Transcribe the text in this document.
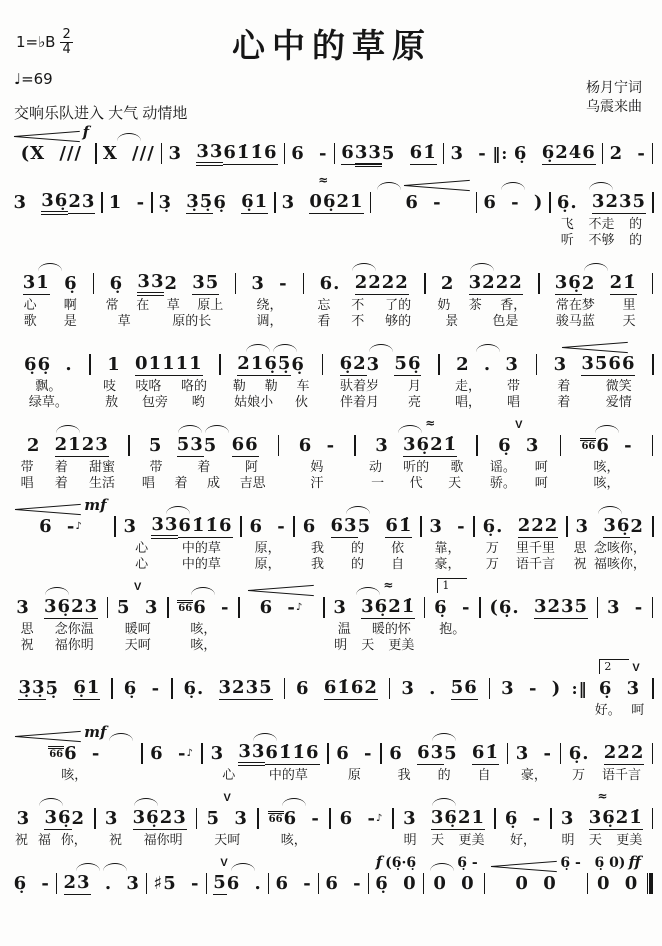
心中的草原
1=♭B $\frac{2}{4}$
♩=69
交响乐队进入 大气 动情地
杨月宁词
乌震来曲
f
(X ///	X /// 3 33 61̇1̇6 6 - 633 5 61̇ 3 - ‖: 6̣ 6̣2 46 2 -
3 36̣ 23 1 - 3̣ 3̣5̣ 6̣ 6̣1
≈
3 06̣ 21	6 -	6 - ) 6̣. 32 35
飞 不走 的
听 不够 的
31 6̣
心 啊
歌 是
6̣ 33 2 35
常 在 草 原上
草	原的长
3 -
绕，
调，
6. 22 22
忘 不 了的
看 不 够的
2 32 22
奶 茶 香，
景	色是
36̣ 2 21̇
常在梦 里
骏马蓝 天
6̣6̣ .
飘。
绿草。
1 011 11
吱 吱咯 咯的
敖 包旁 哟
21 6̣5̣ 6̣
勒 勒 车
姑娘小 伙
6̣2 3 56̣
驮着岁 月
伴着月 亮
2 . 3
走， 带
唱， 唱
3 35 66
着	微笑
着	爱情
2 21 23
带 着 甜蜜
唱 着 生活
5 53 5 66
带	着	阿
唱 着 成 吉思
6 -
妈
汗
≈
3 36̣ 21̇
动 听的 歌
一 代 天
V
6̣ 3
谣。 呵
骄。 呵
66 6 -
咳，
咳，
mf
6 - ♪ 3 33 61̇1̇6
心	中的草
心	中的草
6 -
原，
原，
6 63 5 61̇
我 的 依
我 的 自
3 -
靠，
豪，
6̣. 222
万 里千里
万 语千言
3 36̣ 2
思 念咳你，
祝 福咳你，
3 36̣ 23
思 念你温
祝 福你明
V
5 3
暖呵
天呵
66 6 -
咳，
咳，
6 - ♪
≈
3 36̣ 21̇
温 暖的怀
明 天 更美
1
6̣ -
抱。
(6̣. 32 35	3 -
3̣3̣ 5̣ 6̣1	6̣ -	6̣. 32 35	6 61̇ 62	3 . 56	3 - ) :‖
2	V
6̣ 3
好。 呵
mf
66 6 -
咳，
6 - ♪ 3 33 61̇1̇6
心	中的草
6 -
原
6 63 5 61̇
我 的 自
3 -
豪，
6̣. 222
万 语千言
3 36̣ 2
祝 福 你，
3 36̣ 23
祝 福你明
V
5 3
天呵
66 6 -
咳，
6 - ♪	3 36̣ 21
明 天 更美
6̣ -
好，
≈
3 36̣ 21̇
明 天 更美
6̣ - 23 . 3 ♯5 -
V
5 6 . 6 - 6 -
f (6̣·6̣
6̣ 0
6̣ -
0 0
6̣ -
0 0
6̣ 0) ff
0 0
